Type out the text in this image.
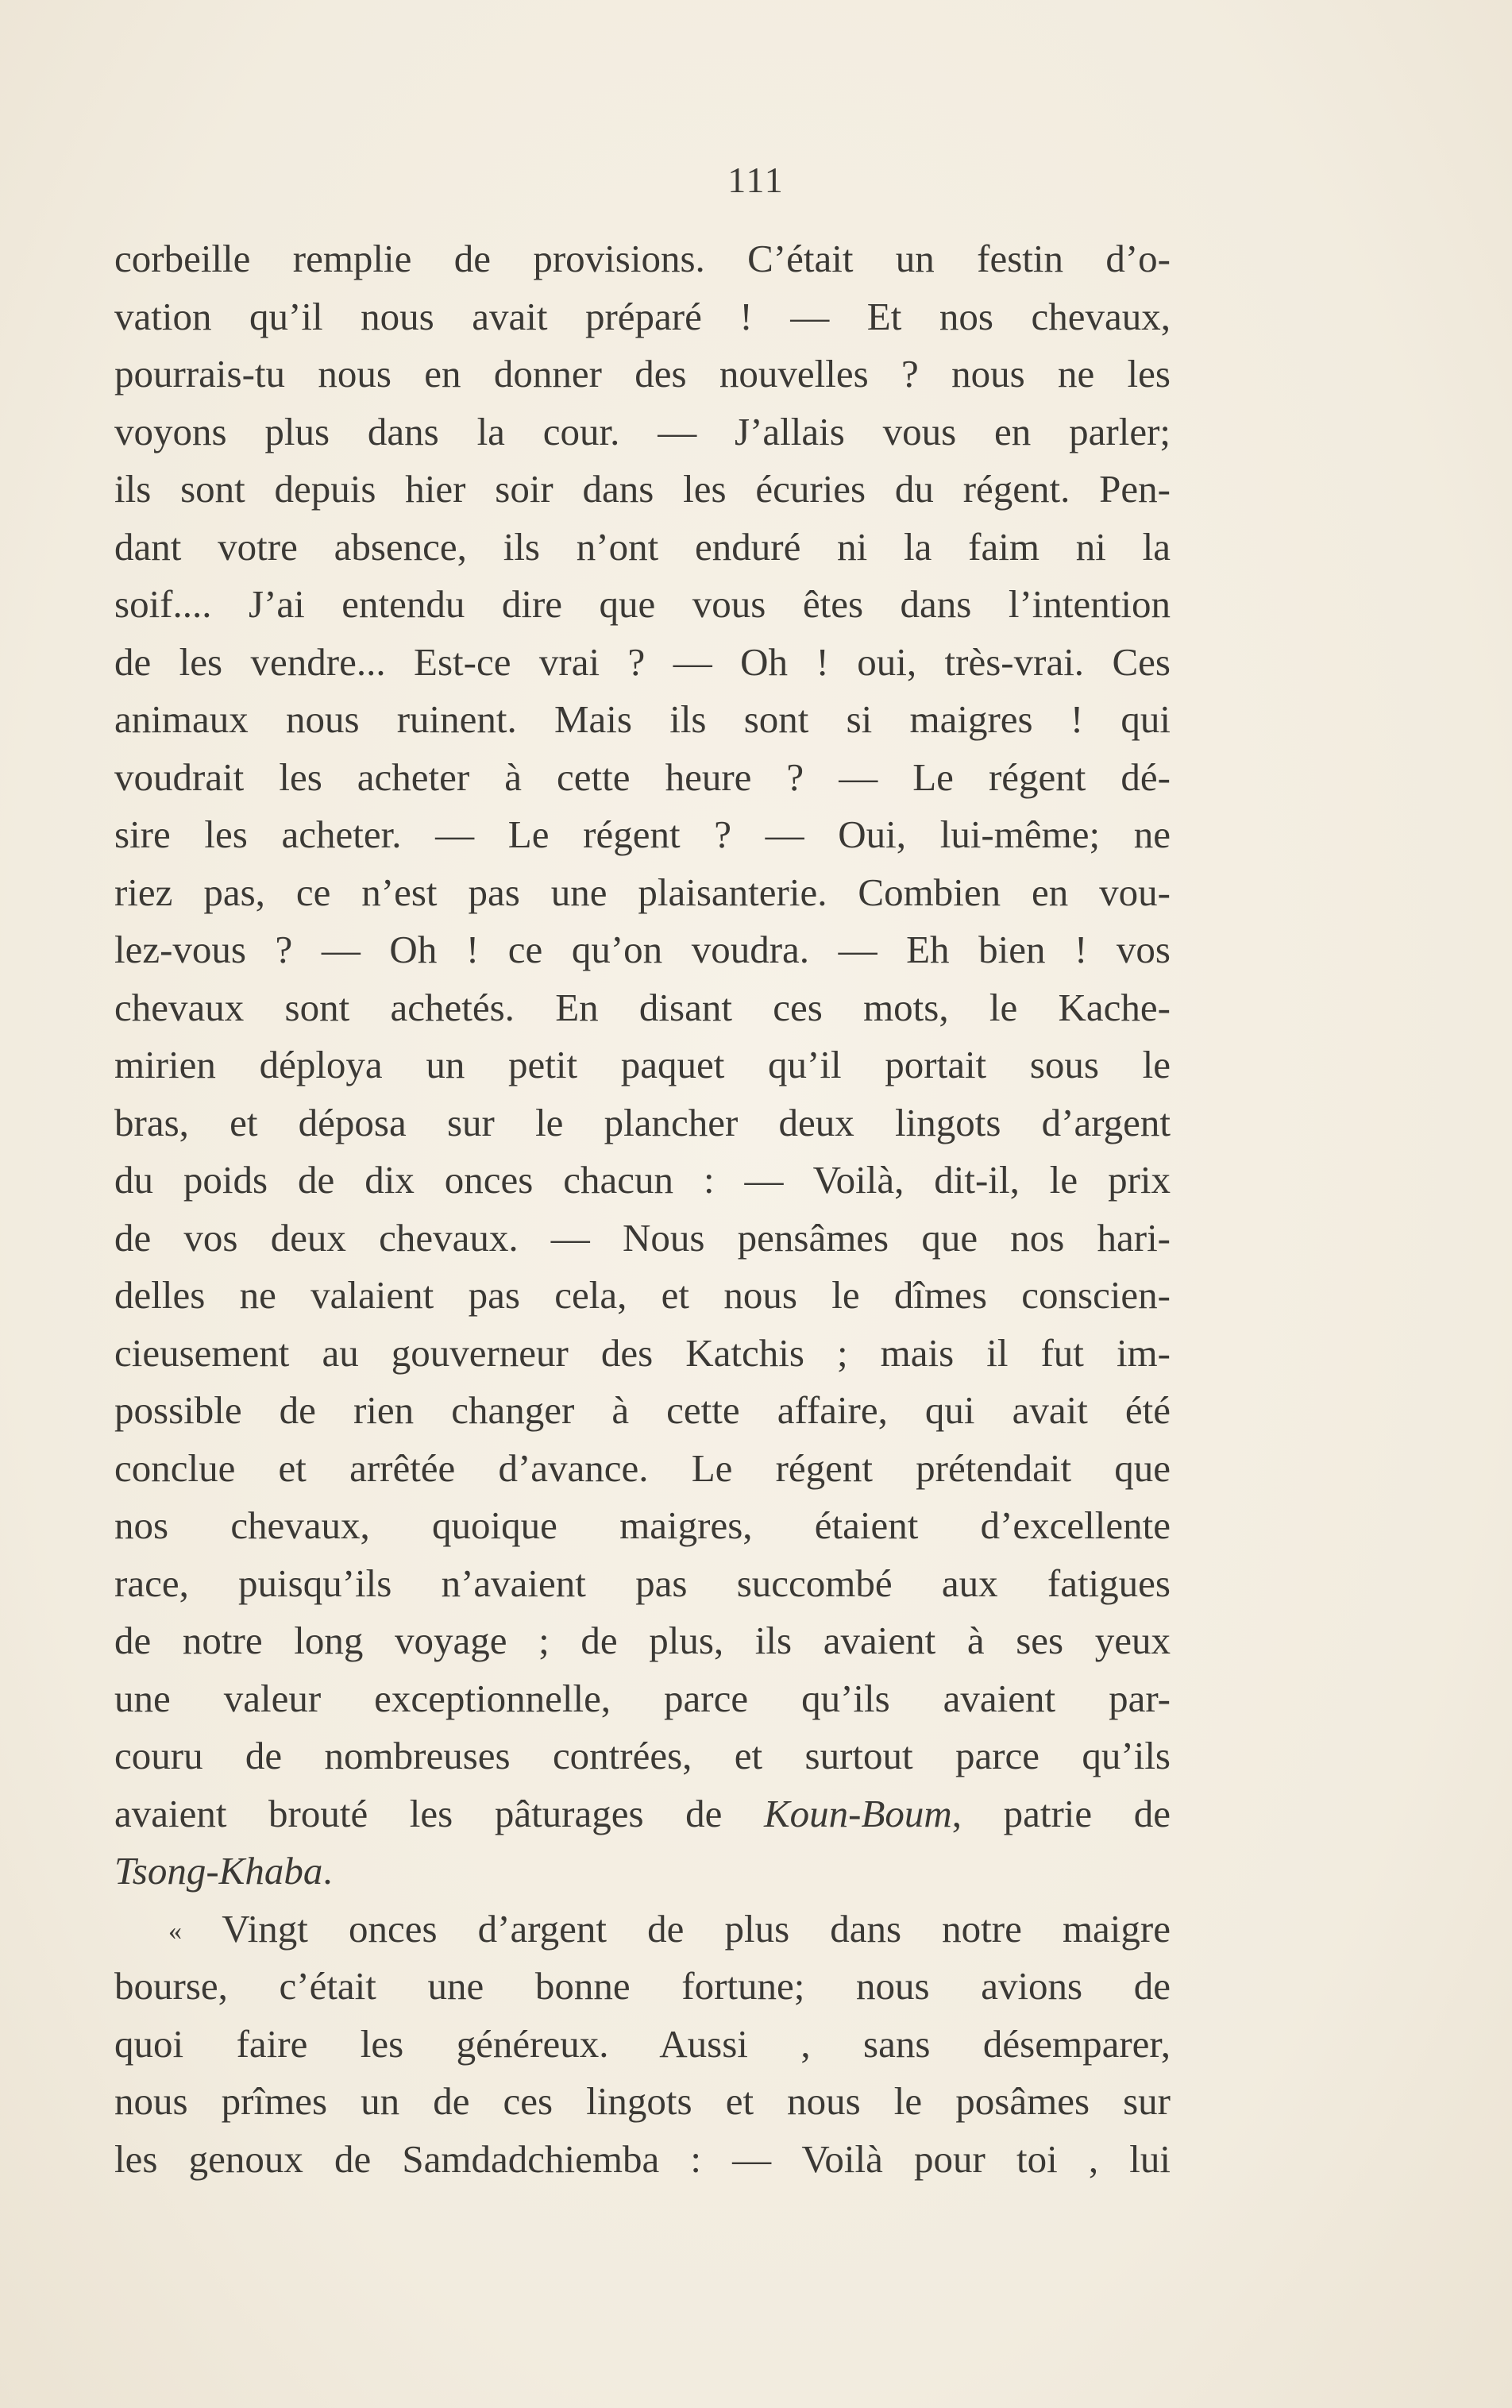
111
corbeille remplie de provisions. C’était un festin d’o-
vation qu’il nous avait préparé ! — Et nos chevaux,
pourrais-tu nous en donner des nouvelles ? nous ne les
voyons plus dans la cour. — J’allais vous en parler;
ils sont depuis hier soir dans les écuries du régent. Pen-
dant votre absence, ils n’ont enduré ni la faim ni la
soif.... J’ai entendu dire que vous êtes dans l’intention
de les vendre... Est-ce vrai ? — Oh ! oui, très-vrai. Ces
animaux nous ruinent. Mais ils sont si maigres ! qui
voudrait les acheter à cette heure ? — Le régent dé-
sire les acheter. — Le régent ? — Oui, lui-même; ne
riez pas, ce n’est pas une plaisanterie. Combien en vou-
lez-vous ? — Oh ! ce qu’on voudra. — Eh bien ! vos
chevaux sont achetés. En disant ces mots, le Kache-
mirien déploya un petit paquet qu’il portait sous le
bras, et déposa sur le plancher deux lingots d’argent
du poids de dix onces chacun : — Voilà, dit-il, le prix
de vos deux chevaux. — Nous pensâmes que nos hari-
delles ne valaient pas cela, et nous le dîmes conscien-
cieusement au gouverneur des Katchis ; mais il fut im-
possible de rien changer à cette affaire, qui avait été
conclue et arrêtée d’avance. Le régent prétendait que
nos chevaux, quoique maigres, étaient d’excellente
race, puisqu’ils n’avaient pas succombé aux fatigues
de notre long voyage ; de plus, ils avaient à ses yeux
une valeur exceptionnelle, parce qu’ils avaient par-
couru de nombreuses contrées, et surtout parce qu’ils
avaient brouté les pâturages de Koun-Boum, patrie de
Tsong-Khaba.
« Vingt onces d’argent de plus dans notre maigre
bourse, c’était une bonne fortune; nous avions de
quoi faire les généreux. Aussi , sans désemparer,
nous prîmes un de ces lingots et nous le posâmes sur
les genoux de Samdadchiemba : — Voilà pour toi , lui
